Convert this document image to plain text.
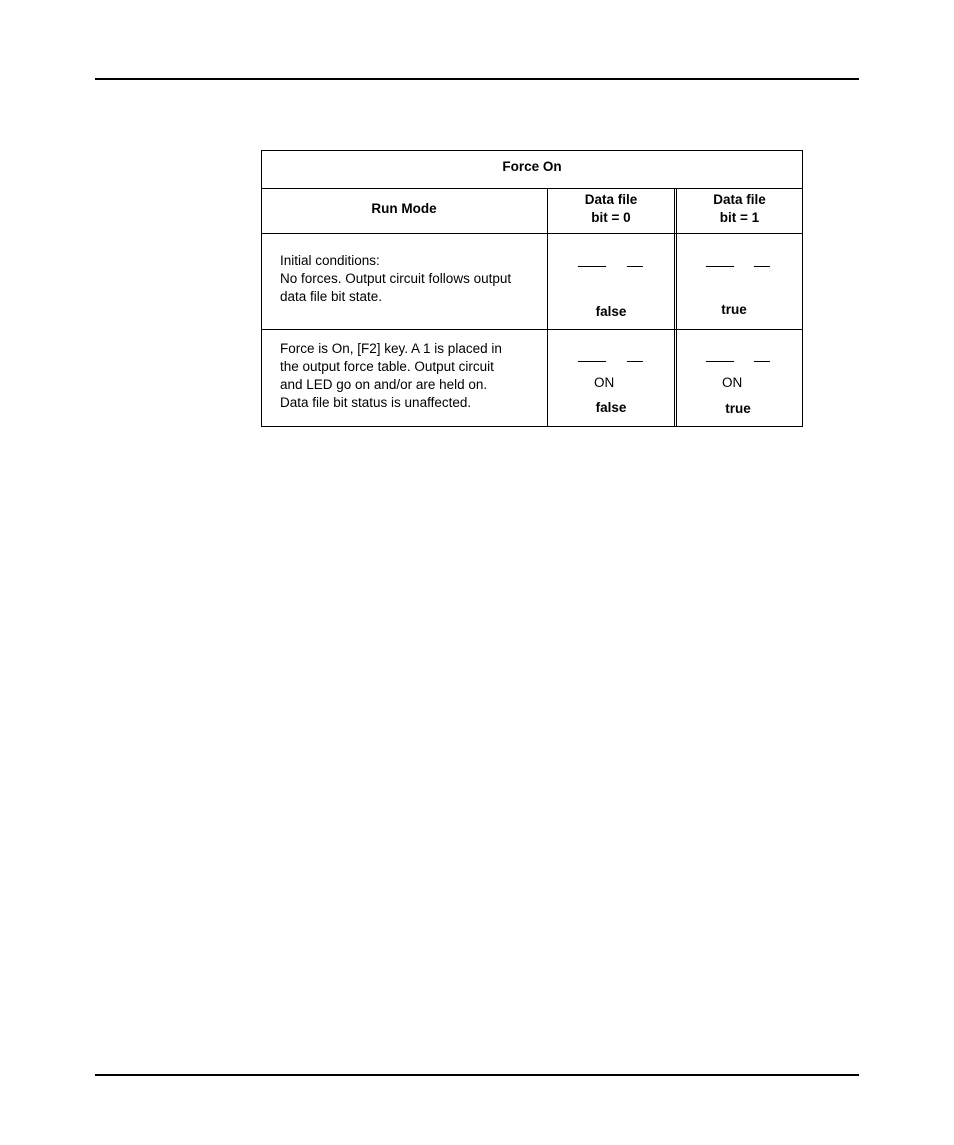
Force On
Run Mode
Data file
bit = 0
Data file
bit = 1
Initial conditions:
No forces. Output circuit follows output
data file bit state.
false	true
Force is On, [F2] key. A 1 is placed in
the output force table. Output circuit
and LED go on and/or are held on.
Data file bit status is unaffected.
ON
false
ON
true
